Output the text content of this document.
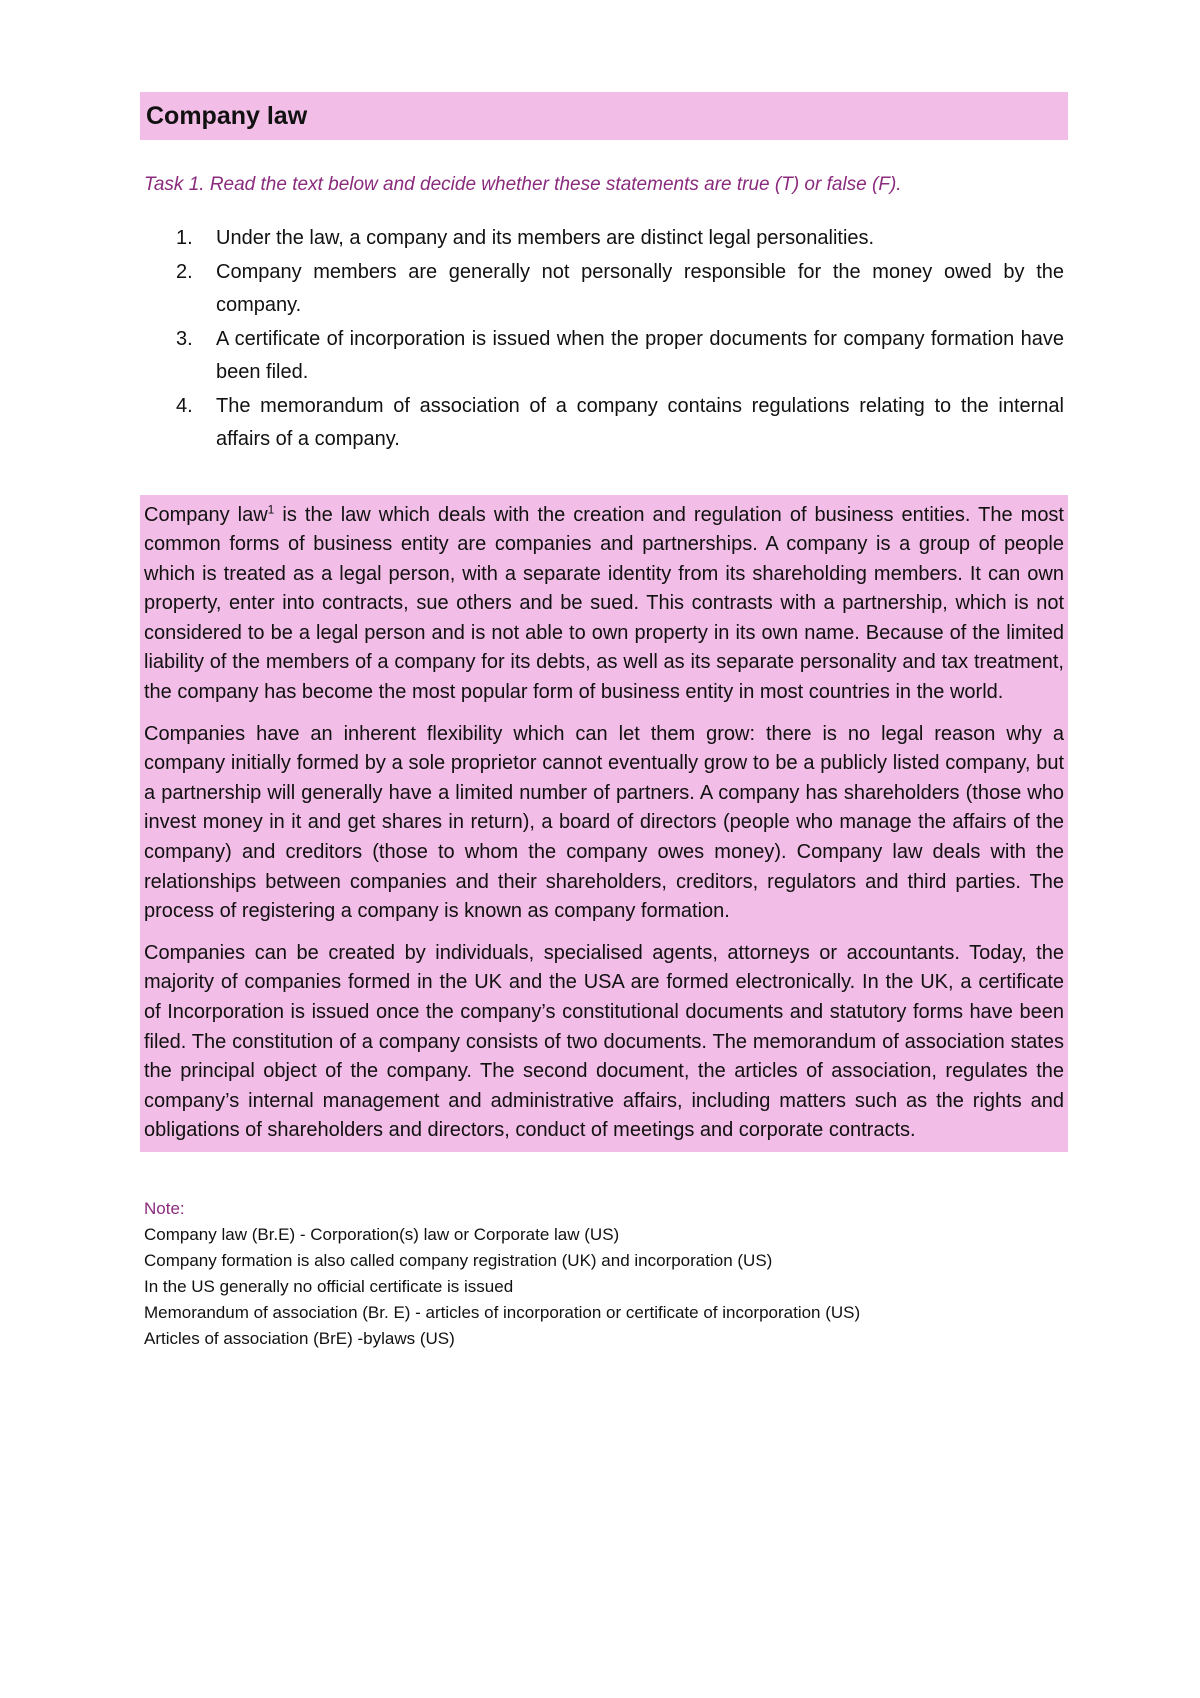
Company law

Task 1. Read the text below and decide whether these statements are true (T) or false (F).

1. Under the law, a company and its members are distinct legal personalities.
2. Company members are generally not personally responsible for the money owed by the company.
3. A certificate of incorporation is issued when the proper documents for company formation have been filed.
4. The memorandum of association of a company contains regulations relating to the internal affairs of a company.

Company law$^1$ is the law which deals with the creation and regulation of business entities. The most common forms of business entity are companies and partnerships. A company is a group of people which is treated as a legal person, with a separate identity from its shareholding members. It can own property, enter into contracts, sue others and be sued. This contrasts with a partnership, which is not considered to be a legal person and is not able to own property in its own name. Because of the limited liability of the members of a company for its debts, as well as its separate personality and tax treatment, the company has become the most popular form of business entity in most countries in the world.

Companies have an inherent flexibility which can let them grow: there is no legal reason why a company initially formed by a sole proprietor cannot eventually grow to be a publicly listed company, but a partnership will generally have a limited number of partners. A company has shareholders (those who invest money in it and get shares in return), a board of directors (people who manage the affairs of the company) and creditors (those to whom the company owes money). Company law deals with the relationships between companies and their shareholders, creditors, regulators and third parties. The process of registering a company is known as company formation.

Companies can be created by individuals, specialised agents, attorneys or accountants. Today, the majority of companies formed in the UK and the USA are formed electronically. In the UK, a certificate of Incorporation is issued once the company’s constitutional documents and statutory forms have been filed. The constitution of a company consists of two documents. The memorandum of association states the principal object of the company. The second document, the articles of association, regulates the company’s internal management and administrative affairs, including matters such as the rights and obligations of shareholders and directors, conduct of meetings and corporate contracts.

Note:
Company law (Br.E) - Corporation(s) law or Corporate law (US)
Company formation is also called company registration (UK) and incorporation (US)
In the US generally no official certificate is issued
Memorandum of association (Br. E) - articles of incorporation or certificate of incorporation (US)
Articles of association (BrE) -bylaws (US)
